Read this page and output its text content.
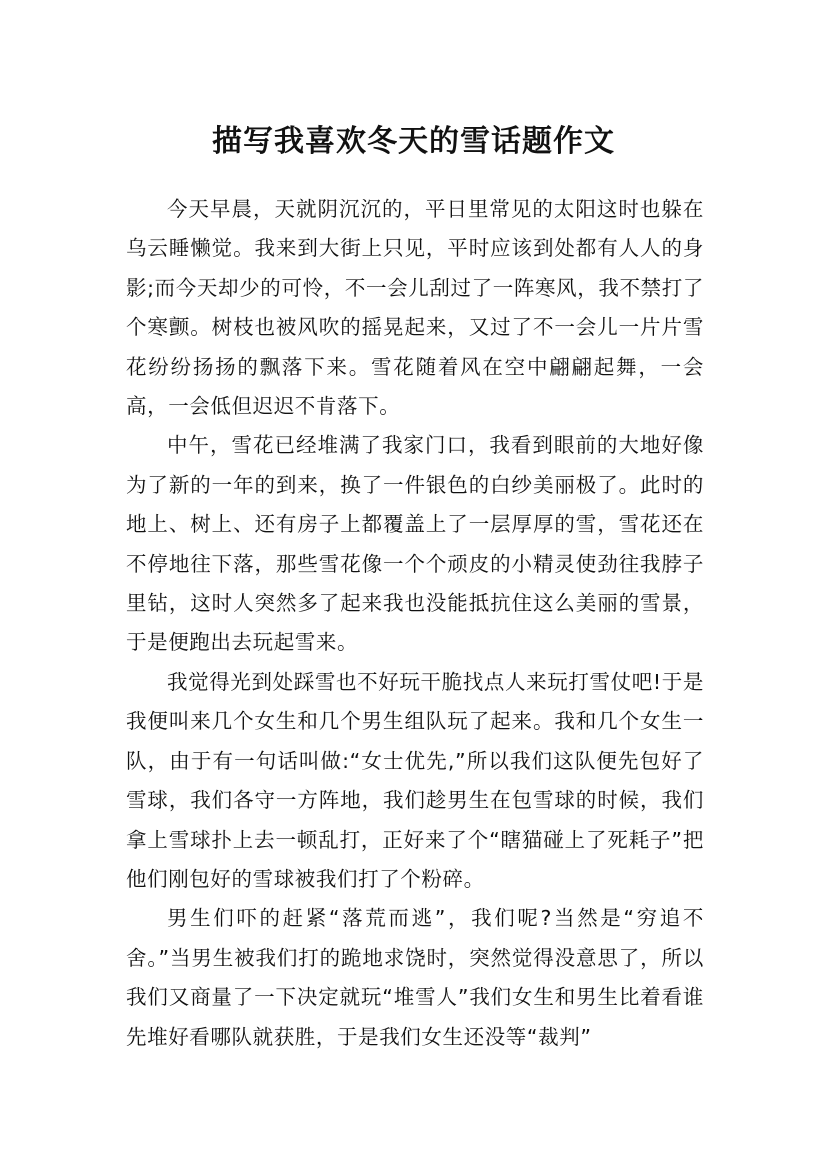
描写我喜欢冬天的雪话题作文

今天早晨，天就阴沉沉的，平日里常见的太阳这时也躲在乌云睡懒觉。我来到大街上只见，平时应该到处都有人人的身影;而今天却少的可怜，不一会儿刮过了一阵寒风，我不禁打了个寒颤。树枝也被风吹的摇晃起来，又过了不一会儿一片片雪花纷纷扬扬的飘落下来。雪花随着风在空中翩翩起舞，一会高，一会低但迟迟不肯落下。

中午，雪花已经堆满了我家门口，我看到眼前的大地好像为了新的一年的到来，换了一件银色的白纱美丽极了。此时的地上、树上、还有房子上都覆盖上了一层厚厚的雪，雪花还在不停地往下落，那些雪花像一个个顽皮的小精灵使劲往我脖子里钻，这时人突然多了起来我也没能抵抗住这么美丽的雪景，于是便跑出去玩起雪来。

我觉得光到处踩雪也不好玩干脆找点人来玩打雪仗吧!于是我便叫来几个女生和几个男生组队玩了起来。我和几个女生一队，由于有一句话叫做:“女士优先,”所以我们这队便先包好了雪球，我们各守一方阵地，我们趁男生在包雪球的时候，我们拿上雪球扑上去一顿乱打，正好来了个“瞎猫碰上了死耗子”把他们刚包好的雪球被我们打了个粉碎。

男生们吓的赶紧“落荒而逃”，我们呢?当然是“穷追不舍。”当男生被我们打的跪地求饶时，突然觉得没意思了，所以我们又商量了一下决定就玩“堆雪人”我们女生和男生比着看谁先堆好看哪队就获胜，于是我们女生还没等“裁判”
